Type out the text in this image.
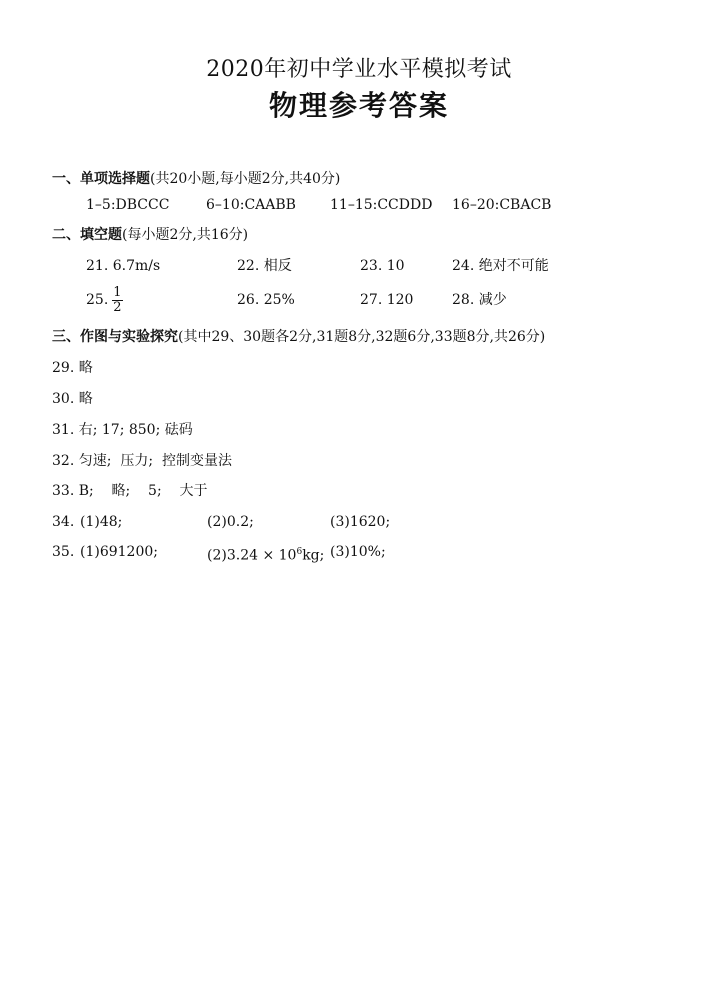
2020年初中学业水平模拟考试
物理参考答案
一、单项选择题(共20小题,每小题2分,共40分)
1–5:DBCCC	6–10:CAABB 11–15:CCDDD 16–20:CBACB
二、填空题(每小题2分,共16分)
21. 6.7m/s	22. 相反	23. 10	24. 绝对不可能
25. $\frac{1}{2}$	26. 25%	27. 120	28. 减少
三、作图与实验探究(其中29、30题各2分,31题8分,32题6分,33题8分,共26分)
29. 略
30. 略
31. 右; 17; 850; 砝码
32. 匀速;  压力;  控制变量法
33. B;    略;    5;    大于
34. (1)48;	(2)0.2;	(3)1620;
35. (1)691200;	$(2)3.24 \times 10^6kg$; (3)10%;
